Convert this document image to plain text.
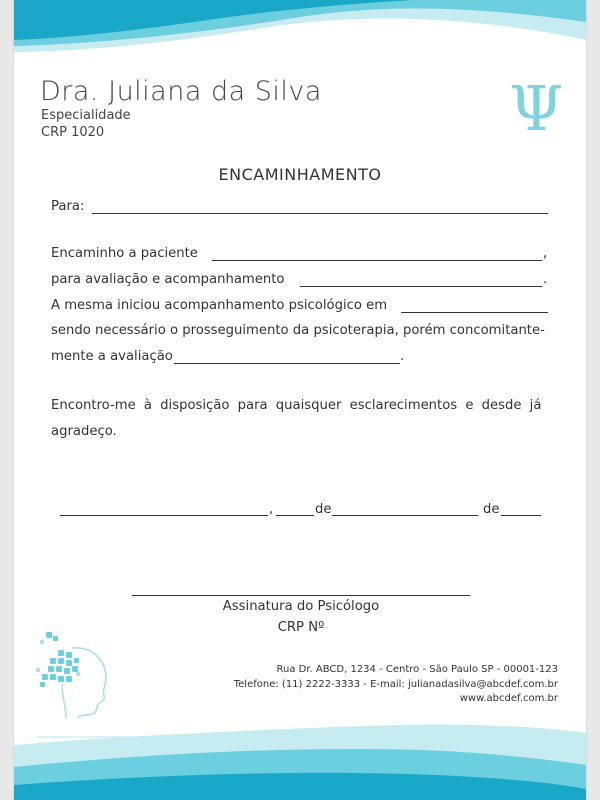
Dra. Juliana da Silva
Especialidade
CRP 1020	Ψ
ENCAMINHAMENTO
Para:
Encaminho a paciente	,
para avaliação e acompanhamento	.
A mesma iniciou acompanhamento psicológico em
sendo necessário o prosseguimento da psicoterapia, porém concomitante-
mente a avaliação	.
Encontro-me à disposição para quaisquer esclarecimentos e desde já
agradeço.
,	de	de
Assinatura do Psicólogo
CRP Nº
Rua Dr. ABCD, 1234 - Centro - São Paulo SP - 00001-123
Telefone: (11) 2222-3333 - E-mail: julianadasilva@abcdef.com.br
www.abcdef.com.br
